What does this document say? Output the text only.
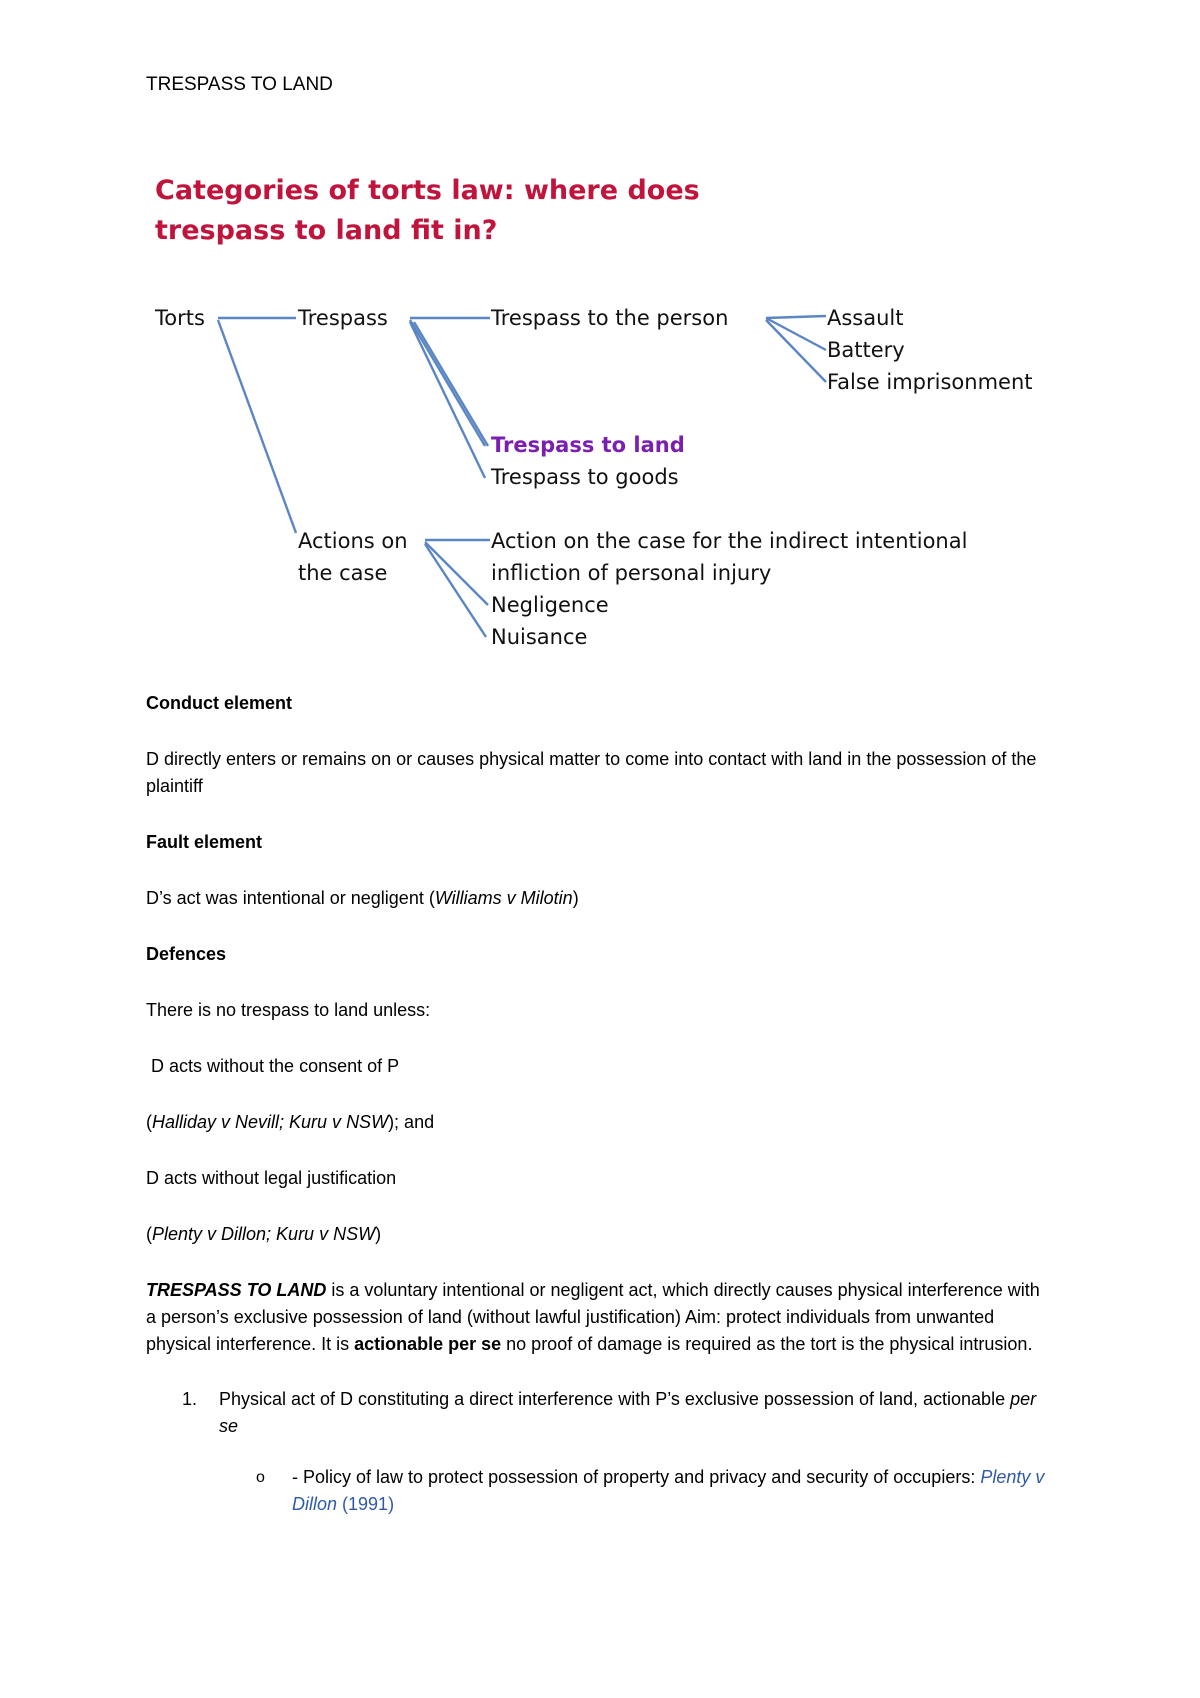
TRESPASS TO LAND
Categories of torts law: where does
trespass to land fit in?
Torts	Trespass	Trespass to the person	Assault
Battery
False imprisonment
Trespass to land
Trespass to goods
Actions on
the case
Action on the case for the indirect intentional
infliction of personal injury
Negligence
Nuisance

Conduct element

D directly enters or remains on or causes physical matter to come into contact with land in the possession of the plaintiff

Fault element

D’s act was intentional or negligent (Williams v Milotin)

Defences

There is no trespass to land unless:

D acts without the consent of P

(Halliday v Nevill; Kuru v NSW); and

D acts without legal justification

(Plenty v Dillon; Kuru v NSW)

TRESPASS TO LAND is a voluntary intentional or negligent act, which directly causes physical interference with a person’s exclusive possession of land (without lawful justification) Aim: protect individuals from unwanted physical interference. It is actionable per se no proof of damage is required as the tort is the physical intrusion.

1. Physical act of D constituting a direct interference with P’s exclusive possession of land, actionable per se
o - Policy of law to protect possession of property and privacy and security of occupiers: Plenty v Dillon (1991)
